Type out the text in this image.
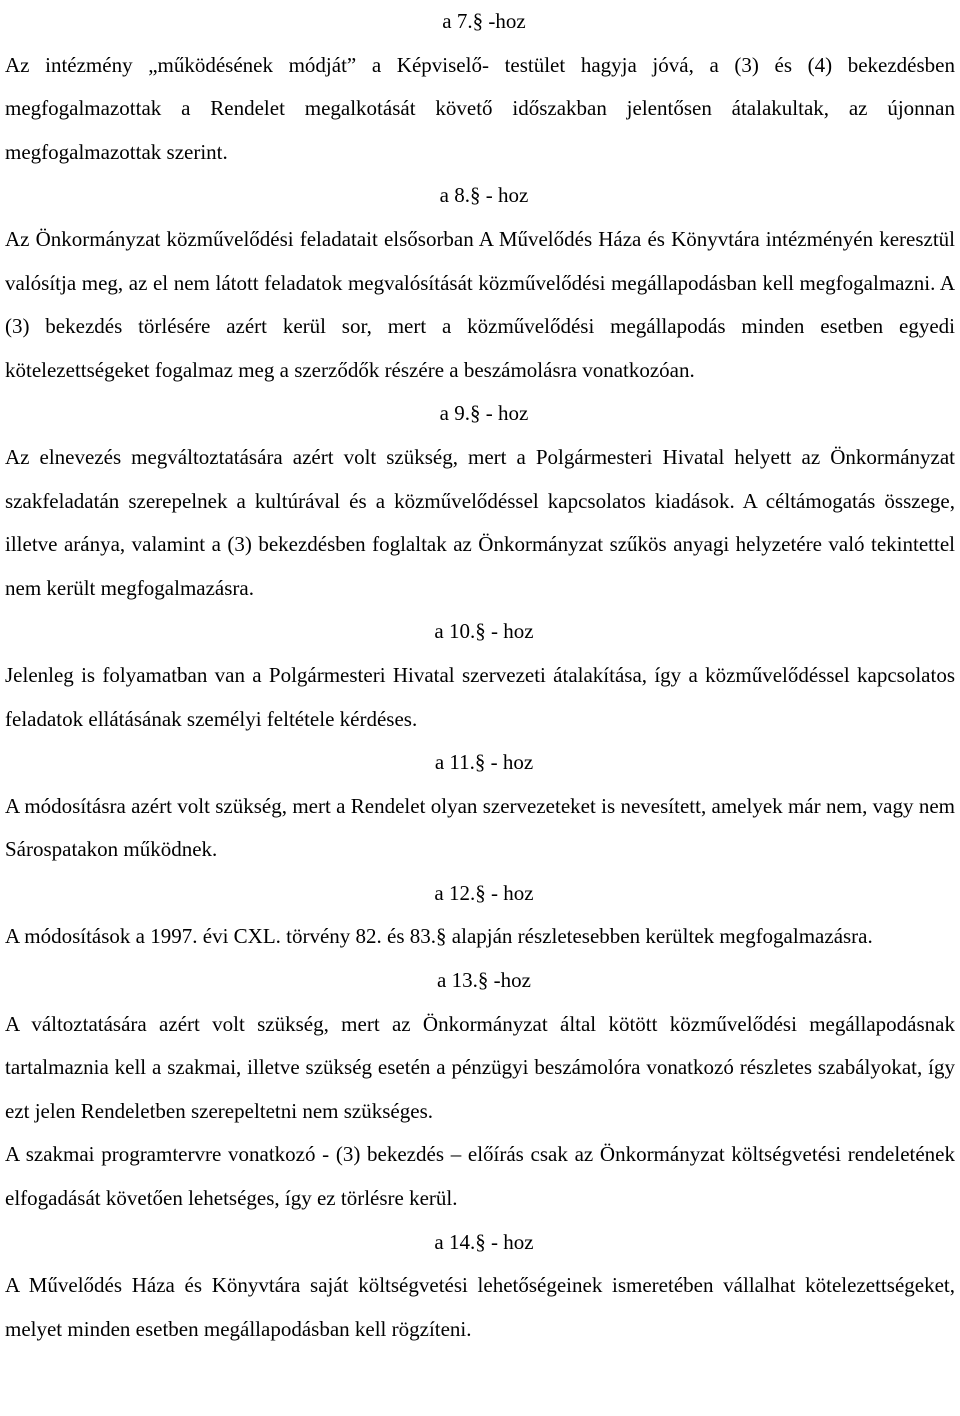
a 7.§ -hoz

Az intézmény „működésének módját” a Képviselő- testület hagyja jóvá, a (3) és (4) bekezdésben megfogalmazottak a Rendelet megalkotását követő időszakban jelentősen átalakultak, az újonnan megfogalmazottak szerint.

a 8.§ - hoz

Az Önkormányzat közművelődési feladatait elsősorban A Művelődés Háza és Könyvtára intézményén keresztül valósítja meg, az el nem látott feladatok megvalósítását közművelődési megállapodásban kell megfogalmazni. A (3) bekezdés törlésére azért kerül sor, mert a közművelődési megállapodás minden esetben egyedi kötelezettségeket fogalmaz meg a szerződők részére a beszámolásra vonatkozóan.

a 9.§ - hoz

Az elnevezés megváltoztatására azért volt szükség, mert a Polgármesteri Hivatal helyett az Önkormányzat szakfeladatán szerepelnek a kultúrával és a közművelődéssel kapcsolatos kiadások. A céltámogatás összege, illetve aránya, valamint a (3) bekezdésben foglaltak az Önkormányzat szűkös anyagi helyzetére való tekintettel nem került megfogalmazásra.

a 10.§ - hoz

Jelenleg is folyamatban van a Polgármesteri Hivatal szervezeti átalakítása, így a közművelődéssel kapcsolatos feladatok ellátásának személyi feltétele kérdéses.

a 11.§ - hoz

A módosításra azért volt szükség, mert a Rendelet olyan szervezeteket is nevesített, amelyek már nem, vagy nem Sárospatakon működnek.

a 12.§ - hoz

A módosítások a 1997. évi CXL. törvény 82. és 83.§ alapján részletesebben kerültek megfogalmazásra.

a 13.§ -hoz

A változtatására azért volt szükség, mert az Önkormányzat által kötött közművelődési megállapodásnak tartalmaznia kell a szakmai, illetve szükség esetén a pénzügyi beszámolóra vonatkozó részletes szabályokat, így ezt jelen Rendeletben szerepeltetni nem szükséges.

A szakmai programtervre vonatkozó - (3) bekezdés – előírás csak az Önkormányzat költségvetési rendeletének elfogadását követően lehetséges, így ez törlésre kerül.

a 14.§ - hoz

A Művelődés Háza és Könyvtára saját költségvetési lehetőségeinek ismeretében vállalhat kötelezettségeket, melyet minden esetben megállapodásban kell rögzíteni.
